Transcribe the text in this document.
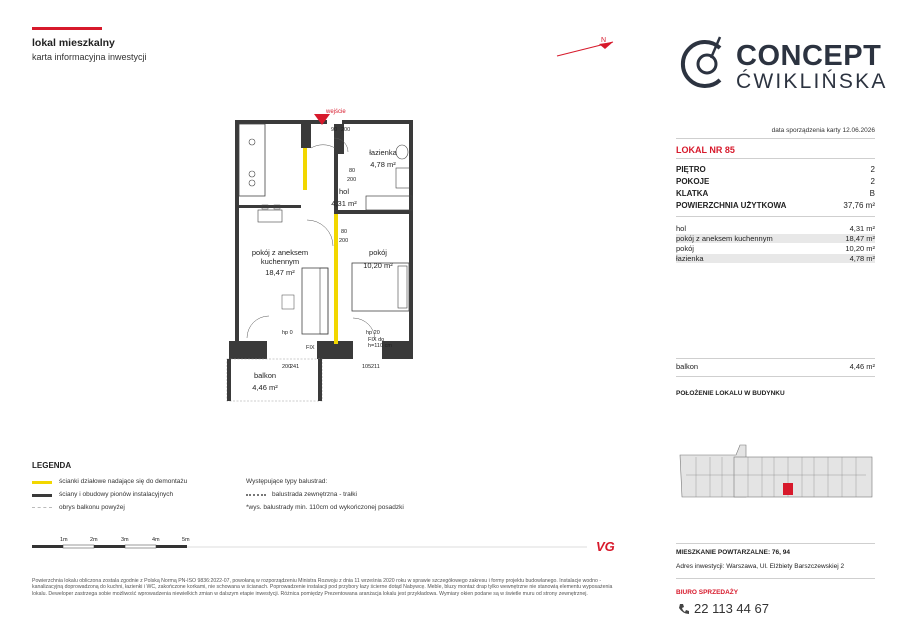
lokal mieszkalny
karta informacyjna inwestycji
N	CONCEPT
ĆWIKLIŃSKA
data sporządzenia karty 12.06.2026
LOKAL NR 85
PIĘTRO	2
POKOJE	2
KLATKA	B
POWIERZCHNIA UŻYTKOWA	37,76 m²
hol	4,31 m²
pokój z aneksem kuchennym	18,47 m²
pokój	10,20 m²
łazienka	4,78 m²
balkon	4,46 m²
POŁOŻENIE LOKALU W BUDYNKU
MIESZKANIE POWTARZALNE: 76, 94
Adres inwestycji: Warszawa, Ul. Elżbiety Barszczewskiej 2
BIURO SPRZEDAŻY
22 113 44 67
wejście
łazienka
4,78 m²
hol
4,31 m²
pokój z aneksem
kuchennym
18,47 m²
pokój
10,20 m²
balkon
4,46 m²
90 200
80
200
80
200
hp 0	hp 20
FIX
FIX do
h=110 cm
200
241	105 211
LEGENDA
ścianki działowe nadające się do demontażu
ściany i obudowy pionów instalacyjnych
obrys balkonu powyżej
Występujące typy balustrad:
balustrada zewnętrzna - trałki
*wys. balustrady min. 110cm od wykończonej posadzki
1m	2m	3m	4m	5m	VG
Powierzchnia lokalu obliczona zostala zgodnie z Polską Normą PN-ISO 9836:2022-07, powołaną w rozporządzeniu Ministra Rozwoju z dnia 11 września 2020 roku w sprawie szczegółowego zakresu i formy projektu budowlanego. Instalacje wodno - kanalizacyjną doprowadzoną do kuchni, łazienki i WC, zakończone korkami, nie schowana w ścianach. Poprowadzenie instalacji pod przybory łazy ścierne dotąd Nabywcę. Meble, bluzy montaż drap tylko wewnętrzne nie stanowią elementu wyposażenia lokalu. Deweloper zastrzega sobie możliwość wprowadzenia niewielkich zmian w dalszym etapie inwestycji. Różnica pomiędzy Prezentowana aranżacja lokalu jest przykładowa. Wymiary okien podane są w świetle muru od strony zewnętrznej.
